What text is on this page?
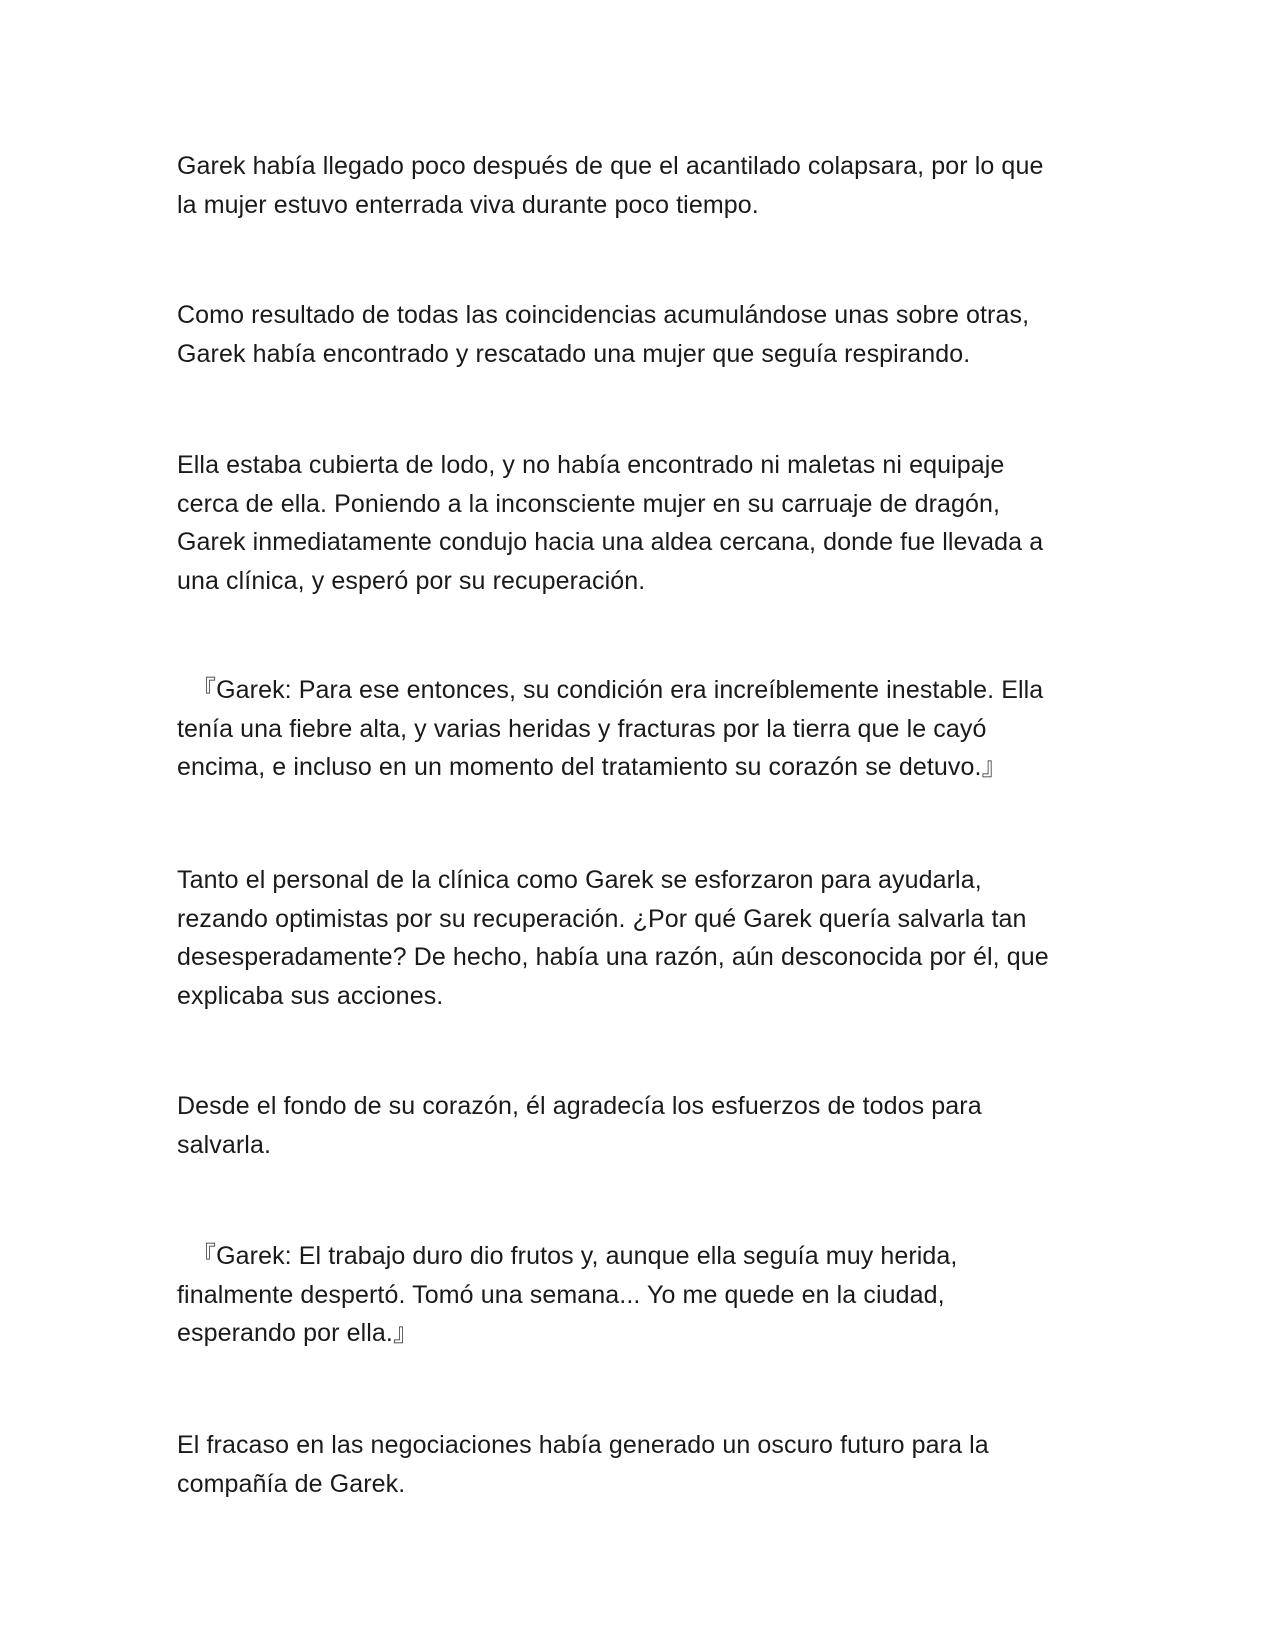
Garek había llegado poco después de que el acantilado colapsara, por lo que
la mujer estuvo enterrada viva durante poco tiempo.

Como resultado de todas las coincidencias acumulándose unas sobre otras,
Garek había encontrado y rescatado una mujer que seguía respirando.

Ella estaba cubierta de lodo, y no había encontrado ni maletas ni equipaje
cerca de ella. Poniendo a la inconsciente mujer en su carruaje de dragón,
Garek inmediatamente condujo hacia una aldea cercana, donde fue llevada a
una clínica, y esperó por su recuperación.

『Garek: Para ese entonces, su condición era increíblemente inestable. Ella
tenía una fiebre alta, y varias heridas y fracturas por la tierra que le cayó
encima, e incluso en un momento del tratamiento su corazón se detuvo.』

Tanto el personal de la clínica como Garek se esforzaron para ayudarla,
rezando optimistas por su recuperación. ¿Por qué Garek quería salvarla tan
desesperadamente? De hecho, había una razón, aún desconocida por él, que
explicaba sus acciones.

Desde el fondo de su corazón, él agradecía los esfuerzos de todos para
salvarla.

『Garek: El trabajo duro dio frutos y, aunque ella seguía muy herida,
finalmente despertó. Tomó una semana... Yo me quede en la ciudad,
esperando por ella.』

El fracaso en las negociaciones había generado un oscuro futuro para la
compañía de Garek.
